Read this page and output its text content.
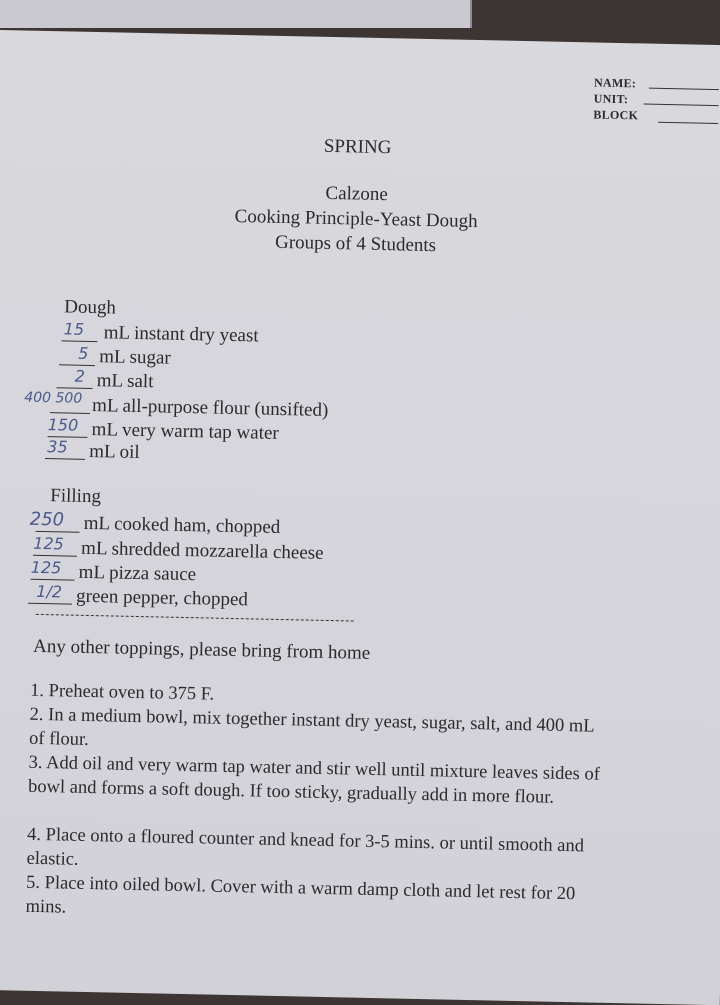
NAME:
UNIT:
BLOCK
SPRING
Calzone
Cooking Principle-Yeast Dough
Groups of 4 Students
Dough
15 mL instant dry yeast
5 mL sugar
2 mL salt
400 500 mL all-purpose flour (unsifted)
150 mL very warm tap water
35 mL oil
Filling
250 mL cooked ham, chopped
125 mL shredded mozzarella cheese
125 mL pizza sauce
1/2 green pepper, chopped
Any other toppings, please bring from home
1. Preheat oven to 375 F.
2. In a medium bowl, mix together instant dry yeast, sugar, salt, and 400 mL of flour.
3. Add oil and very warm tap water and stir well until mixture leaves sides of bowl and forms a soft dough. If too sticky, gradually add in more flour.
4. Place onto a floured counter and knead for 3-5 mins. or until smooth and elastic.
5. Place into oiled bowl. Cover with a warm damp cloth and let rest for 20 mins.
